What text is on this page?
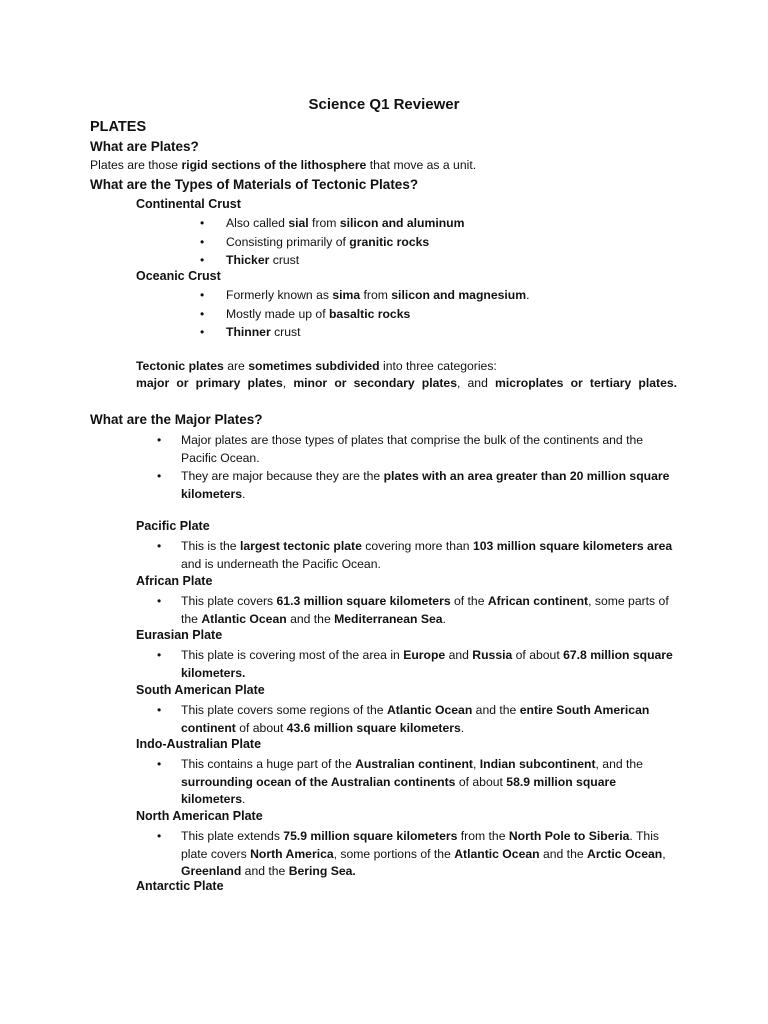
Science Q1 Reviewer
PLATES
What are Plates?
Plates are those rigid sections of the lithosphere that move as a unit.
What are the Types of Materials of Tectonic Plates?
Continental Crust
• Also called sial from silicon and aluminum
• Consisting primarily of granitic rocks
• Thicker crust
Oceanic Crust
• Formerly known as sima from silicon and magnesium.
• Mostly made up of basaltic rocks
• Thinner crust
Tectonic plates are sometimes subdivided into three categories:
major or primary plates, minor or secondary plates, and microplates or tertiary plates.
What are the Major Plates?
• Major plates are those types of plates that comprise the bulk of the continents and the
Pacific Ocean.
• They are major because they are the plates with an area greater than 20 million square
kilometers.
Pacific Plate
• This is the largest tectonic plate covering more than 103 million square kilometers area
and is underneath the Pacific Ocean.
African Plate
• This plate covers 61.3 million square kilometers of the African continent, some parts of
the Atlantic Ocean and the Mediterranean Sea.
Eurasian Plate
• This plate is covering most of the area in Europe and Russia of about 67.8 million square
kilometers.
South American Plate
• This plate covers some regions of the Atlantic Ocean and the entire South American
continent of about 43.6 million square kilometers.
Indo-Australian Plate
• This contains a huge part of the Australian continent, Indian subcontinent, and the
surrounding ocean of the Australian continents of about 58.9 million square
kilometers.
North American Plate
• This plate extends 75.9 million square kilometers from the North Pole to Siberia. This
plate covers North America, some portions of the Atlantic Ocean and the Arctic Ocean,
Greenland and the Bering Sea.
Antarctic Plate
